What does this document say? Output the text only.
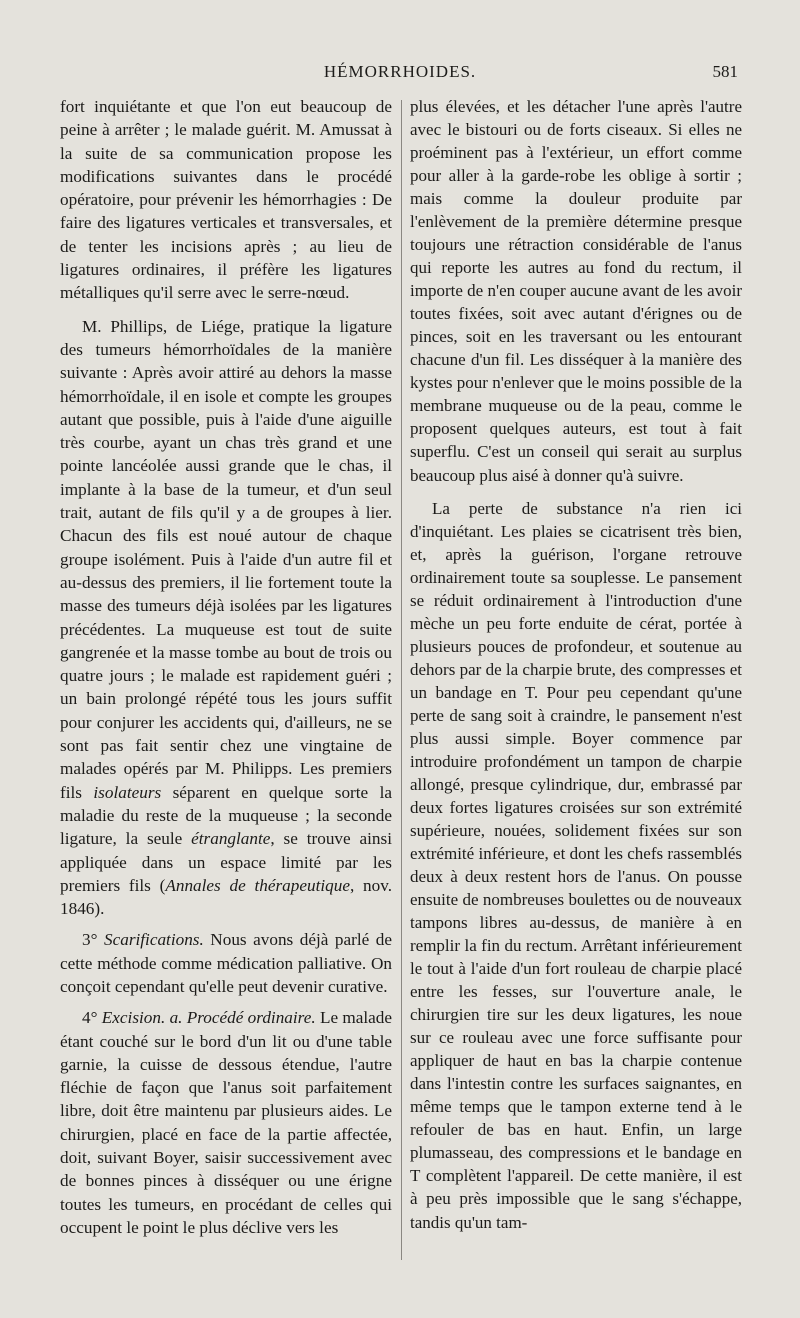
HÉMORRHOIDES.	581

fort inquiétante et que l'on eut beaucoup de peine à arrêter ; le malade guérit. M. Amussat à la suite de sa communication propose les modifications suivantes dans le procédé opératoire, pour prévenir les hémorrhagies : De faire des ligatures verticales et transversales, et de tenter les incisions après ; au lieu de ligatures ordinaires, il préfère les ligatures métalliques qu'il serre avec le serre-nœud.

M. Phillips, de Liége, pratique la ligature des tumeurs hémorrhoïdales de la manière suivante : Après avoir attiré au dehors la masse hémorrhoïdale, il en isole et compte les groupes autant que possible, puis à l'aide d'une aiguille très courbe, ayant un chas très grand et une pointe lancéolée aussi grande que le chas, il implante à la base de la tumeur, et d'un seul trait, autant de fils qu'il y a de groupes à lier. Chacun des fils est noué autour de chaque groupe isolément. Puis à l'aide d'un autre fil et au-dessus des premiers, il lie fortement toute la masse des tumeurs déjà isolées par les ligatures précédentes. La muqueuse est tout de suite gangrenée et la masse tombe au bout de trois ou quatre jours ; le malade est rapidement guéri ; un bain prolongé répété tous les jours suffit pour conjurer les accidents qui, d'ailleurs, ne se sont pas fait sentir chez une vingtaine de malades opérés par M. Philipps. Les premiers fils isolateurs séparent en quelque sorte la maladie du reste de la muqueuse ; la seconde ligature, la seule étranglante, se trouve ainsi appliquée dans un espace limité par les premiers fils (Annales de thérapeutique, nov. 1846).

3° Scarifications. Nous avons déjà parlé de cette méthode comme médication palliative. On conçoit cependant qu'elle peut devenir curative.

4° Excision. a. Procédé ordinaire. Le malade étant couché sur le bord d'un lit ou d'une table garnie, la cuisse de dessous étendue, l'autre fléchie de façon que l'anus soit parfaitement libre, doit être maintenu par plusieurs aides. Le chirurgien, placé en face de la partie affectée, doit, suivant Boyer, saisir successivement avec de bonnes pinces à disséquer ou une érigne toutes les tumeurs, en procédant de celles qui occupent le point le plus déclive vers les

plus élevées, et les détacher l'une après l'autre avec le bistouri ou de forts ciseaux. Si elles ne proéminent pas à l'extérieur, un effort comme pour aller à la garde-robe les oblige à sortir ; mais comme la douleur produite par l'enlèvement de la première détermine presque toujours une rétraction considérable de l'anus qui reporte les autres au fond du rectum, il importe de n'en couper aucune avant de les avoir toutes fixées, soit avec autant d'érignes ou de pinces, soit en les traversant ou les entourant chacune d'un fil. Les disséquer à la manière des kystes pour n'enlever que le moins possible de la membrane muqueuse ou de la peau, comme le proposent quelques auteurs, est tout à fait superflu. C'est un conseil qui serait au surplus beaucoup plus aisé à donner qu'à suivre.

La perte de substance n'a rien ici d'inquiétant. Les plaies se cicatrisent très bien, et, après la guérison, l'organe retrouve ordinairement toute sa souplesse. Le pansement se réduit ordinairement à l'introduction d'une mèche un peu forte enduite de cérat, portée à plusieurs pouces de profondeur, et soutenue au dehors par de la charpie brute, des compresses et un bandage en T. Pour peu cependant qu'une perte de sang soit à craindre, le pansement n'est plus aussi simple. Boyer commence par introduire profondément un tampon de charpie allongé, presque cylindrique, dur, embrassé par deux fortes ligatures croisées sur son extrémité supérieure, nouées, solidement fixées sur son extrémité inférieure, et dont les chefs rassemblés deux à deux restent hors de l'anus. On pousse ensuite de nombreuses boulettes ou de nouveaux tampons libres au-dessus, de manière à en remplir la fin du rectum. Arrêtant inférieurement le tout à l'aide d'un fort rouleau de charpie placé entre les fesses, sur l'ouverture anale, le chirurgien tire sur les deux ligatures, les noue sur ce rouleau avec une force suffisante pour appliquer de haut en bas la charpie contenue dans l'intestin contre les surfaces saignantes, en même temps que le tampon externe tend à le refouler de bas en haut. Enfin, un large plumasseau, des compressions et le bandage en T complètent l'appareil. De cette manière, il est à peu près impossible que le sang s'échappe, tandis qu'un tam-
